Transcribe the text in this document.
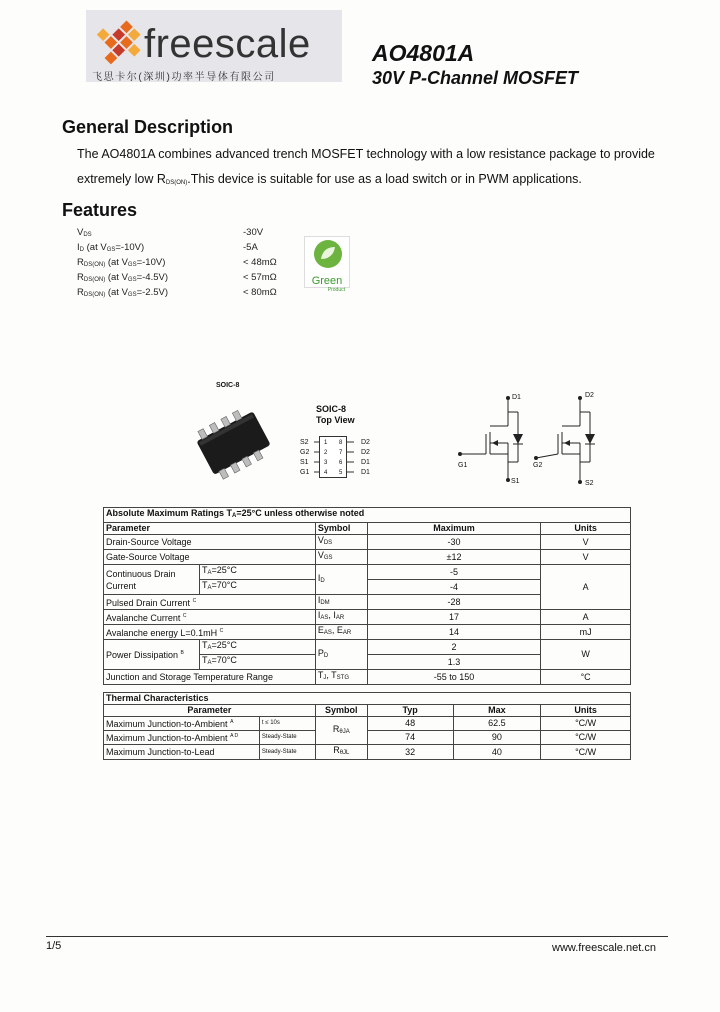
freescale
飞思卡尔(深圳)功率半导体有限公司
AO4801A
30V P-Channel MOSFET
General Description
The AO4801A combines advanced trench MOSFET technology with a low resistance package to provide
extremely low RDS(ON).This device is suitable for use as a load switch or in PWM applications.
Features
VDS	-30V
ID (at VGS=-10V)	-5A
RDS(ON) (at VGS=-10V)	< 48mΩ
RDS(ON) (at VGS=-4.5V)	< 57mΩ
RDS(ON) (at VGS=-2.5V)	< 80mΩ
Green
Product
SOIC-8
SOIC-8
Top View
S2
G2
S1
G1
1
2
3
4
8
7
6
5
D2
D2
D1
D1
D1
G1
S1
D2
G2
S2
Absolute Maximum Ratings TA=25°C unless otherwise noted				
Parameter		Symbol	Maximum	Units
Drain-Source Voltage		VDS	-30	V
Gate-Source Voltage		VGS	±12	V

Continuous Drain
Current	TA=25°C	ID	-5	A
	TA=70°C		-4	
Pulsed Drain Current $^C$		IDM	-28	
Avalanche Current $^C$		IAS, IAR	17	A
Avalanche energy L=0.1mH $^C$		EAS, EAR	14	mJ
Power Dissipation $^B$	TA=25°C	PD	2	W
	TA=70°C		1.3	
Junction and Storage Temperature Range		TJ, TSTG	-55 to 150	°C
Thermal Characteristics					
Parameter		Symbol	Typ	Max	Units
Maximum Junction-to-Ambient $^A$	t ≤ 10s	RθJA	48	62.5	°C/W
Maximum Junction-to-Ambient $^{A D}$	Steady-State		74	90	°C/W
Maximum Junction-to-Lead	Steady-State	RθJL	32	40	°C/W
1/5	www.freescale.net.cn
